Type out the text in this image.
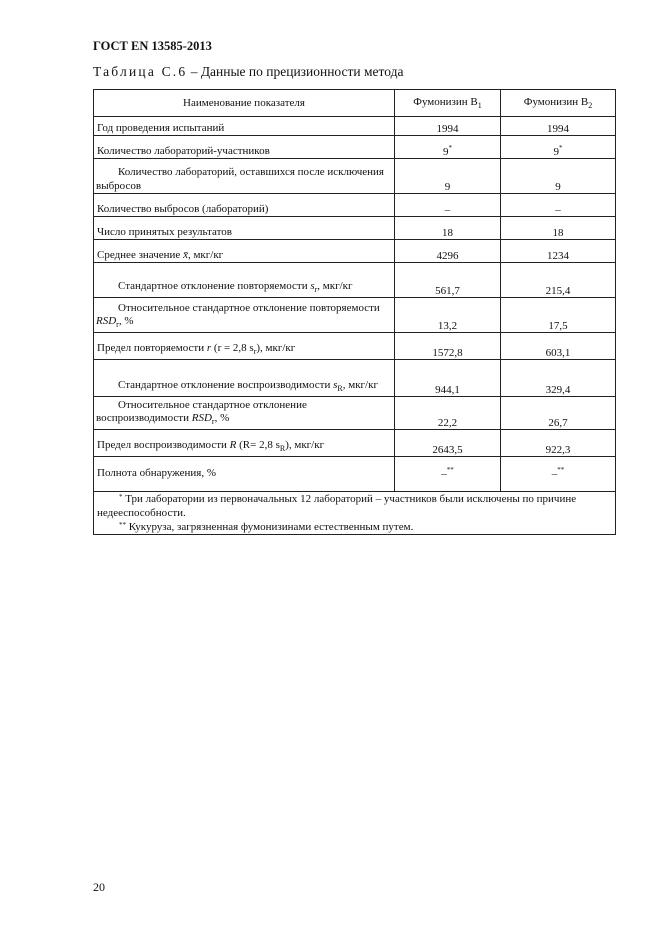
ГОСТ EN 13585-2013
Таблица С.6 – Данные по прецизионности метода
Наименование показателя	Фумонизин $B_1$	Фумонизин $B_2$
Год проведения испытаний	1994	1994
Количество лабораторий-участников	9*	9*
Количество лабораторий, оставшихся после исключения выбросов	9	9
Количество выбросов (лабораторий)	–	–
Число принятых результатов	18	18
Среднее значение x̄, мкг/кг	4296	1234
Стандартное отклонение повторяемости $s_r$, мкг/кг	561,7	215,4
Относительное стандартное отклонение повторяемости $RSD_r$, %	13,2	17,5
Предел повторяемости r (r = 2,8 $s_r$), мкг/кг	1572,8	603,1
Стандартное отклонение воспроизводимости $s_R$, мкг/кг	944,1	329,4
Относительное стандартное отклонение воспроизводимости $RSD_r$, %	22,2	26,7
Предел воспроизводимости R (R= 2,8 $s_R$), мкг/кг	2643,5	922,3
Полнота обнаружения, %	–**	–**

* Три лаборатории из первоначальных 12 лабораторий – участников были исключены по причине недееспособности.
** Кукуруза, загрязненная фумонизинами естественным путем.		
20
